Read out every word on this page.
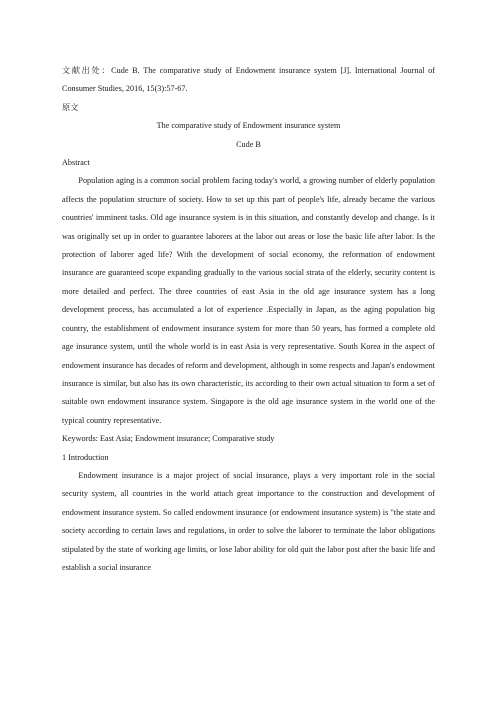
文献出处：Cude B. The comparative study of Endowment insurance system [J]. International Journal of Consumer Studies, 2016, 15(3):57-67.

原文

The comparative study of Endowment insurance system

Cude B

Abstract

Population aging is a common social problem facing today's world, a growing number of elderly population affects the population structure of society. How to set up this part of people's life, already became the various countries' imminent tasks. Old age insurance system is in this situation, and constantly develop and change. Is it was originally set up in order to guarantee laborers at the labor out areas or lose the basic life after labor. Is the protection of laborer aged life? With the development of social economy, the reformation of endowment insurance are guaranteed scope expanding gradually to the various social strata of the elderly, security content is more detailed and perfect. The three countries of east Asia in the old age insurance system has a long development process, has accumulated a lot of experience .Especially in Japan, as the aging population big country, the establishment of endowment insurance system for more than 50 years, has formed a complete old age insurance system, until the whole world is in east Asia is very representative. South Korea in the aspect of endowment insurance has decades of reform and development, although in some respects and Japan's endowment insurance is similar, but also has its own characteristic, its according to their own actual situation to form a set of suitable own endowment insurance system. Singapore is the old age insurance system in the world one of the typical country representative.

Keywords: East Asia; Endowment insurance; Comparative study

1 Introduction

Endowment insurance is a major project of social insurance, plays a very important role in the social security system, all countries in the world attach great importance to the construction and development of endowment insurance system. So called endowment insurance (or endowment insurance system) is "the state and society according to certain laws and regulations, in order to solve the laborer to terminate the labor obligations stipulated by the state of working age limits, or lose labor ability for old quit the labor post after the basic life and establish a social insurance
